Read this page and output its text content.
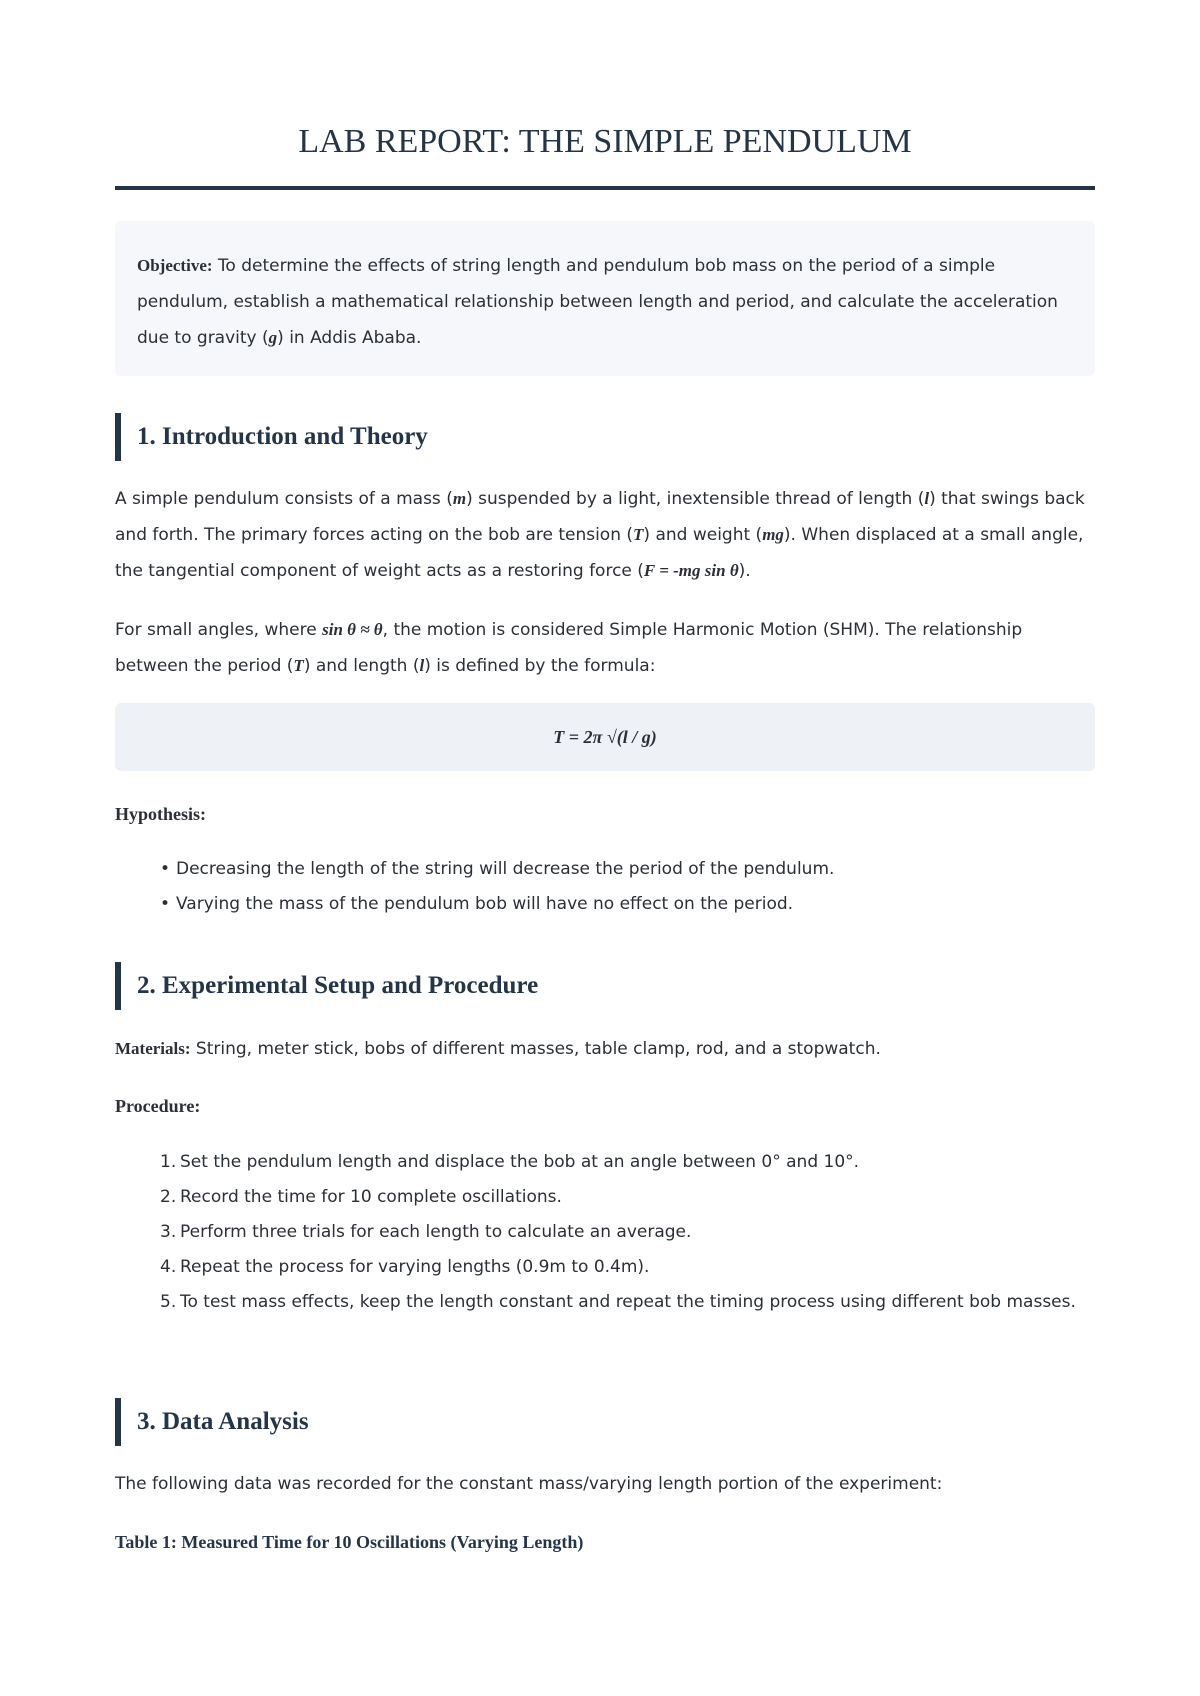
LAB REPORT: THE SIMPLE PENDULUM
Objective: To determine the effects of string length and pendulum bob mass on the period of a simple pendulum, establish a mathematical relationship between length and period, and calculate the acceleration due to gravity (g) in Addis Ababa.
1. Introduction and Theory

A simple pendulum consists of a mass (m) suspended by a light, inextensible thread of length (l) that swings back and forth. The primary forces acting on the bob are tension (T) and weight (mg). When displaced at a small angle, the tangential component of weight acts as a restoring force (F = -mg sin θ).

For small angles, where sin θ ≈ θ, the motion is considered Simple Harmonic Motion (SHM). The relationship between the period (T) and length (l) is defined by the formula:

T = 2π √(l / g)
Hypothesis:
• Decreasing the length of the string will decrease the period of the pendulum.
• Varying the mass of the pendulum bob will have no effect on the period.
2. Experimental Setup and Procedure

Materials: String, meter stick, bobs of different masses, table clamp, rod, and a stopwatch.

Procedure:
1. Set the pendulum length and displace the bob at an angle between 0° and 10°.
2. Record the time for 10 complete oscillations.
3. Perform three trials for each length to calculate an average.
4. Repeat the process for varying lengths (0.9m to 0.4m).
5. To test mass effects, keep the length constant and repeat the timing process using different bob masses.
3. Data Analysis

The following data was recorded for the constant mass/varying length portion of the experiment:

Table 1: Measured Time for 10 Oscillations (Varying Length)
